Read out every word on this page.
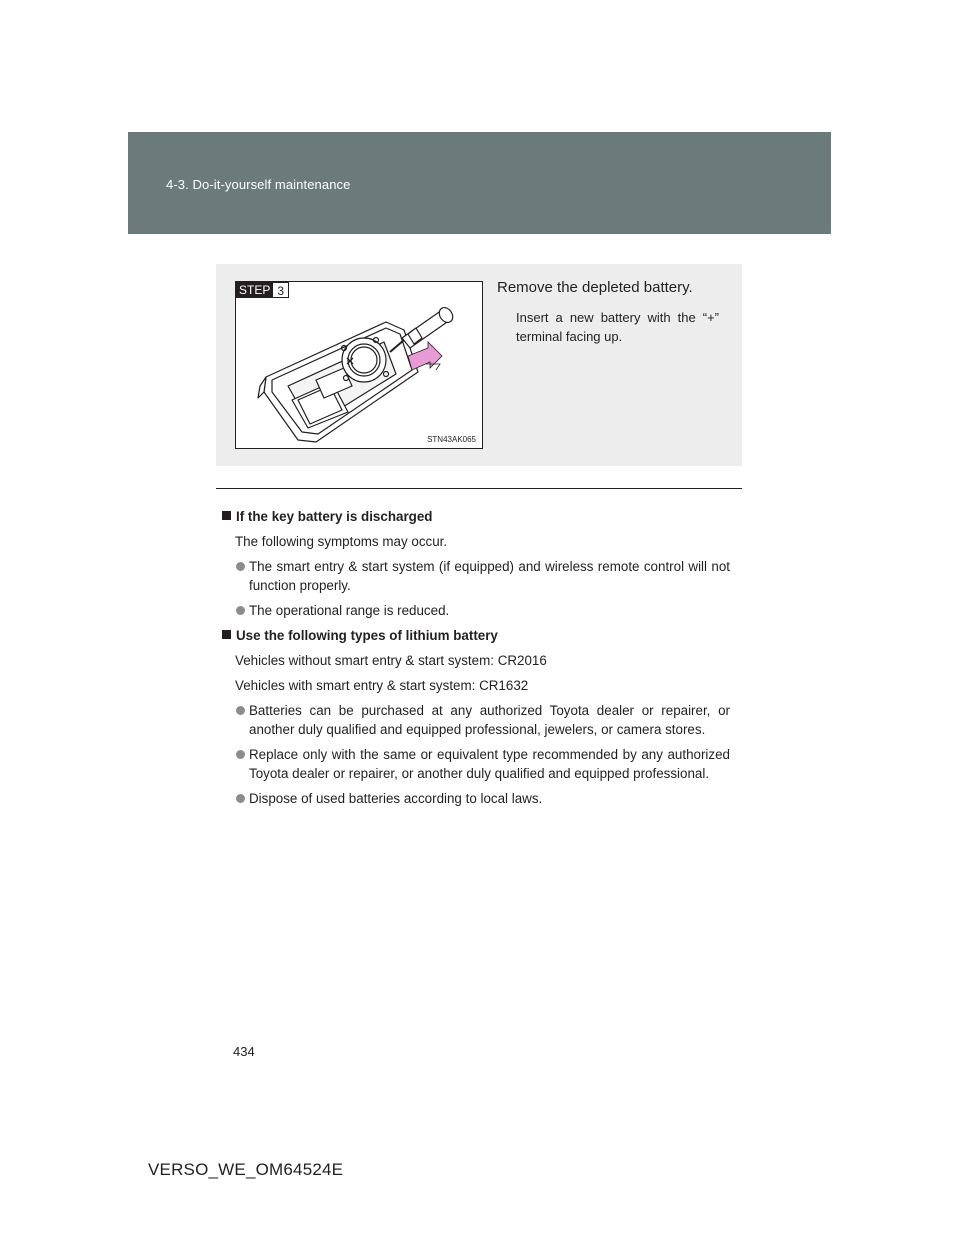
4-3. Do-it-yourself maintenance
STEP 3
STN43AK065
Remove the depleted battery.
Insert a new battery with the “+” terminal facing up.
If the key battery is discharged
The following symptoms may occur.
The smart entry & start system (if equipped) and wireless remote control will not function properly.
The operational range is reduced.
Use the following types of lithium battery
Vehicles without smart entry & start system: CR2016
Vehicles with smart entry & start system: CR1632
Batteries can be purchased at any authorized Toyota dealer or repairer, or another duly qualified and equipped professional, jewelers, or camera stores.
Replace only with the same or equivalent type recommended by any authorized Toyota dealer or repairer, or another duly qualified and equipped professional.
Dispose of used batteries according to local laws.
434
VERSO_WE_OM64524E
